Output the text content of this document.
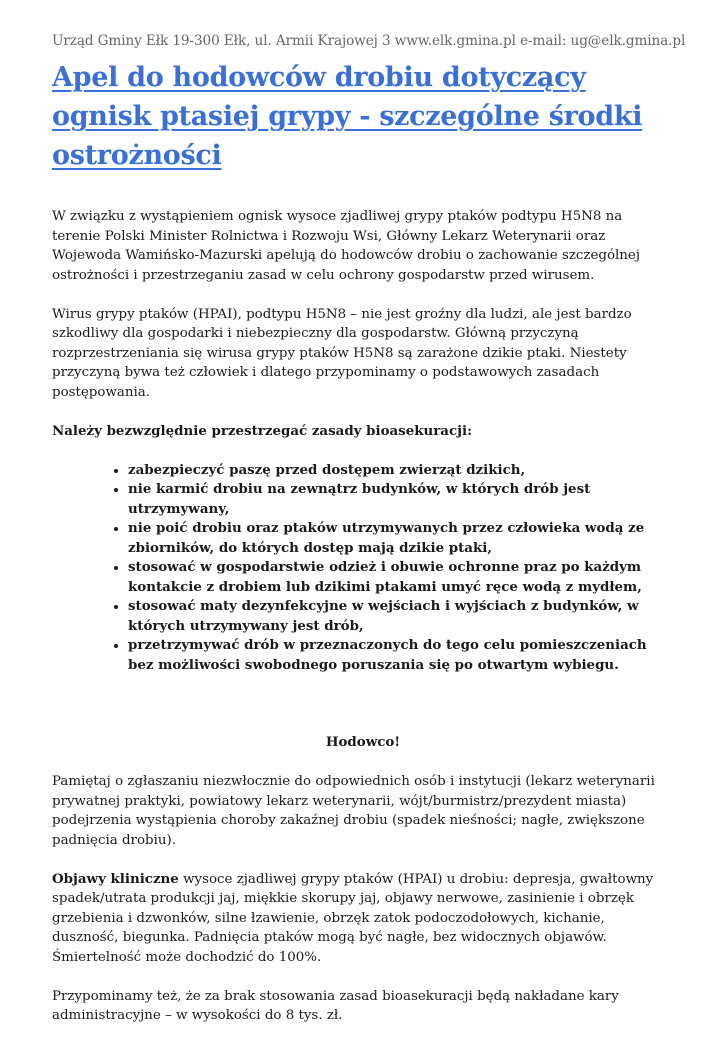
Urząd Gminy Ełk 19-300 Ełk, ul. Armii Krajowej 3 www.elk.gmina.pl e-mail: ug@elk.gmina.pl
Apel do hodowców drobiu dotyczący ognisk ptasiej grypy - szczególne środki ostrożności

W związku z wystąpieniem ognisk wysoce zjadliwej grypy ptaków podtypu H5N8 na terenie Polski Minister Rolnictwa i Rozwoju Wsi, Główny Lekarz Weterynarii oraz Wojewoda Wamińsko-Mazurski apelują do hodowców drobiu o zachowanie szczególnej ostrożności i przestrzeganiu zasad w celu ochrony gospodarstw przed wirusem.

Wirus grypy ptaków (HPAI), podtypu H5N8 – nie jest groźny dla ludzi, ale jest bardzo szkodliwy dla gospodarki i niebezpieczny dla gospodarstw. Główną przyczyną rozprzestrzeniania się wirusa grypy ptaków H5N8 są zarażone dzikie ptaki. Niestety przyczyną bywa też człowiek i dlatego przypominamy o podstawowych zasadach postępowania.

Należy bezwzględnie przestrzegać zasady bioasekuracji:

• zabezpieczyć paszę przed dostępem zwierząt dzikich,
• nie karmić drobiu na zewnątrz budynków, w których drób jest utrzymywany,
• nie poić drobiu oraz ptaków utrzymywanych przez człowieka wodą ze zbiorników, do których dostęp mają dzikie ptaki,
• stosować w gospodarstwie odzież i obuwie ochronne praz po każdym kontakcie z drobiem lub dzikimi ptakami umyć ręce wodą z mydłem,
• stosować maty dezynfekcyjne w wejściach i wyjściach z budynków, w których utrzymywany jest drób,
• przetrzymywać drób w przeznaczonych do tego celu pomieszczeniach bez możliwości swobodnego poruszania się po otwartym wybiegu.

Hodowco!

Pamiętaj o zgłaszaniu niezwłocznie do odpowiednich osób i instytucji (lekarz weterynarii prywatnej praktyki, powiatowy lekarz weterynarii, wójt/burmistrz/prezydent miasta) podejrzenia wystąpienia choroby zakaźnej drobiu (spadek nieśności; nagłe, zwiększone padnięcia drobiu).

Objawy kliniczne wysoce zjadliwej grypy ptaków (HPAI) u drobiu: depresja, gwałtowny spadek/utrata produkcji jaj, miękkie skorupy jaj, objawy nerwowe, zasinienie i obrzęk grzebienia i dzwonków, silne łzawienie, obrzęk zatok podoczodołowych, kichanie, duszność, biegunka. Padnięcia ptaków mogą być nagłe, bez widocznych objawów. Śmiertelność może dochodzić do 100%.

Przypominamy też, że za brak stosowania zasad bioasekuracji będą nakładane kary administracyjne – w wysokości do 8 tys. zł.
